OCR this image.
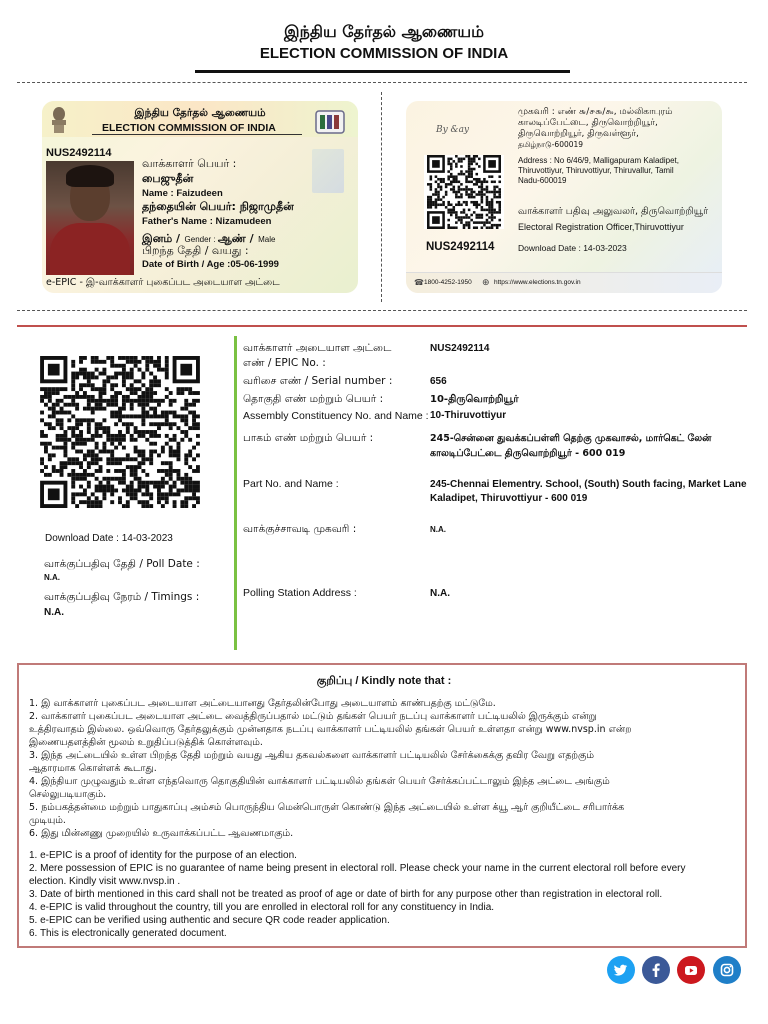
இந்திய தேர்தல் ஆணையம்
ELECTION COMMISSION OF INDIA
இந்திய தேர்தல் ஆணையம்
ELECTION COMMISSION OF INDIA
NUS2492114
வாக்காளர் பெயர் :
பைஜுதீன்
Name : Faizudeen
தந்தையின் பெயர்: நிஜாமுதீன்
Father's Name : Nizamudeen
இனம் / Gender : ஆண் / Male
பிறந்த தேதி / வயது :
Date of Birth / Age :05-06-1999
e-EPIC - இ-வாக்காளர் புகைப்பட அடையாள அட்டை
By &ay
முகவரி : எண் ௬/௪௬/௯, மல்லிகாபுரம்
காலடிப்பேட்டை, திருவொற்றியூர்,
திருவொற்றியூர், திருவள்ளூர்,
தமிழ்நாடு-600019
Address : No 6/46/9, Malligapuram Kaladipet,
Thiruvottiyur, Thiruvottiyur, Thiruvallur, Tamil
Nadu-600019
வாக்காளர் பதிவு அலுவலர், திருவொற்றியூர்
Electoral Registration Officer,Thiruvottiyur
NUS2492114	Download Date : 14-03-2023
☎ 1800-4252-1950 ⊕ https://www.elections.tn.gov.in
Download Date : 14-03-2023
வாக்குப்பதிவு தேதி / Poll Date :
N.A.
வாக்குப்பதிவு நேரம் / Timings :
N.A.
வாக்காளர் அடையாள அட்டை
எண் / EPIC No. :
NUS2492114
வரிசை எண் / Serial number :	656
தொகுதி எண் மற்றும் பெயர் :	10-திருவொற்றியூர்
Assembly Constituency No. and Name : 10-Thiruvottiyur
பாகம் எண் மற்றும் பெயர் :	245-சென்னை துவக்கப்பள்ளி தெற்கு முகவாசல், மார்கெட் லேன்
காலடிப்பேட்டை திருவொற்றியூர் - 600 019
Part No. and Name :	245-Chennai Elementry. School, (South) South facing, Market Lane
Kaladipet, Thiruvottiyur - 600 019
வாக்குச்சாவடி முகவரி :	N.A.
Polling Station Address :	N.A.
குறிப்பு / Kindly note that :
1. இ வாக்காளர் புகைப்பட அடையாள அட்டையானது தேர்தலின்போது அடையாளம் காண்பதற்கு மட்டுமே.
2. வாக்காளர் புகைப்பட அடையாள அட்டை வைத்திருப்பதால் மட்டும் தங்கள் பெயர் நடப்பு வாக்காளர் பட்டியலில் இருக்கும் என்று
உத்திரவாதம் இல்லை. ஒவ்வொரு தேர்தலுக்கும் முன்னதாக நடப்பு வாக்காளர் பட்டியலில் தங்கள் பெயர் உள்ளதா என்று www.nvsp.in என்ற
இணையதளத்தின் மூலம் உறுதிப்படுத்திக் கொள்ளவும்.
3. இந்த அட்டையில் உள்ள பிறந்த தேதி மற்றும் வயது ஆகிய தகவல்களை வாக்காளர் பட்டியலில் சேர்க்கைக்கு தவிர வேறு எதற்கும்
ஆதாரமாக கொள்ளக் கூடாது.
4. இந்தியா முழுவதும் உள்ள எந்தவொரு தொகுதியின் வாக்காளர் பட்டியலில் தங்கள் பெயர் சேர்க்கப்பட்டாலும் இந்த அட்டை அங்கும்
செல்லுபடியாகும்.
5. நம்பகத்தன்மை மற்றும் பாதுகாப்பு அம்சம் பொருந்திய மென்பொருள் கொண்டு இந்த அட்டையில் உள்ள க்யூ ஆர் குறியீட்டை சரிபார்க்க
முடியும்.
6. இது மின்னணு முறையில் உருவாக்கப்பட்ட ஆவணமாகும்.
1. e-EPIC is a proof of identity for the purpose of an election.
2. Mere possession of EPIC is no guarantee of name being present in electoral roll. Please check your name in the current electoral roll before every
election. Kindly visit www.nvsp.in .
3. Date of birth mentioned in this card shall not be treated as proof of age or date of birth for any purpose other than registration in electoral roll.
4. e-EPIC is valid throughout the country, till you are enrolled in electoral roll for any constituency in India.
5. e-EPIC can be verified using authentic and secure QR code reader application.
6. This is electronically generated document.
